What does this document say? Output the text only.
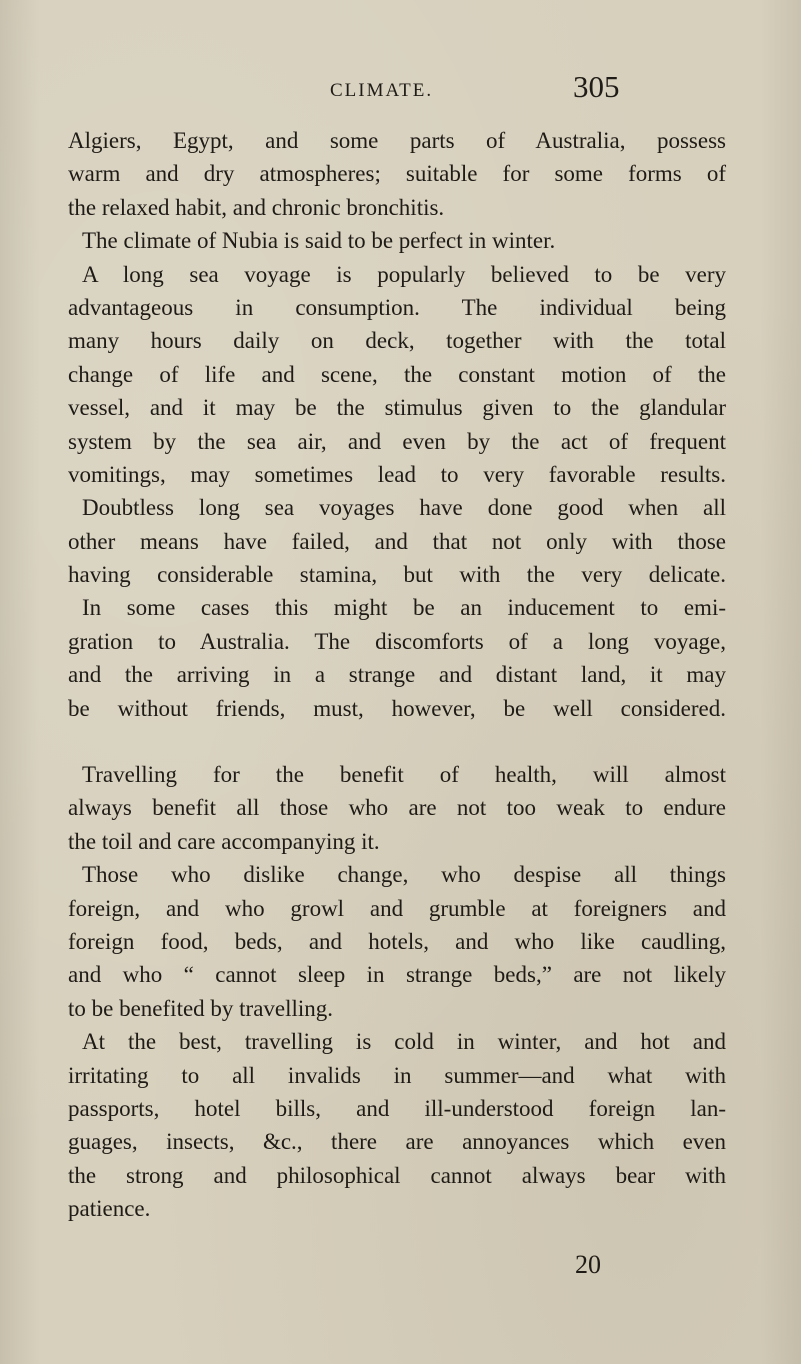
CLIMATE.	305
Algiers, Egypt, and some parts of Australia, possess
warm and dry atmospheres; suitable for some forms of
the relaxed habit, and chronic bronchitis.
The climate of Nubia is said to be perfect in winter.
A long sea voyage is popularly believed to be very
advantageous in consumption. The individual being
many hours daily on deck, together with the total
change of life and scene, the constant motion of the
vessel, and it may be the stimulus given to the glandular
system by the sea air, and even by the act of frequent
vomitings, may sometimes lead to very favorable results.
Doubtless long sea voyages have done good when all
other means have failed, and that not only with those
having considerable stamina, but with the very delicate.
In some cases this might be an inducement to emi-
gration to Australia. The discomforts of a long voyage,
and the arriving in a strange and distant land, it may
be without friends, must, however, be well considered.
Travelling for the benefit of health, will almost
always benefit all those who are not too weak to endure
the toil and care accompanying it.
Those who dislike change, who despise all things
foreign, and who growl and grumble at foreigners and
foreign food, beds, and hotels, and who like caudling,
and who “ cannot sleep in strange beds,” are not likely
to be benefited by travelling.
At the best, travelling is cold in winter, and hot and
irritating to all invalids in summer—and what with
passports, hotel bills, and ill-understood foreign lan-
guages, insects, &c., there are annoyances which even
the strong and philosophical cannot always bear with
patience.
20
